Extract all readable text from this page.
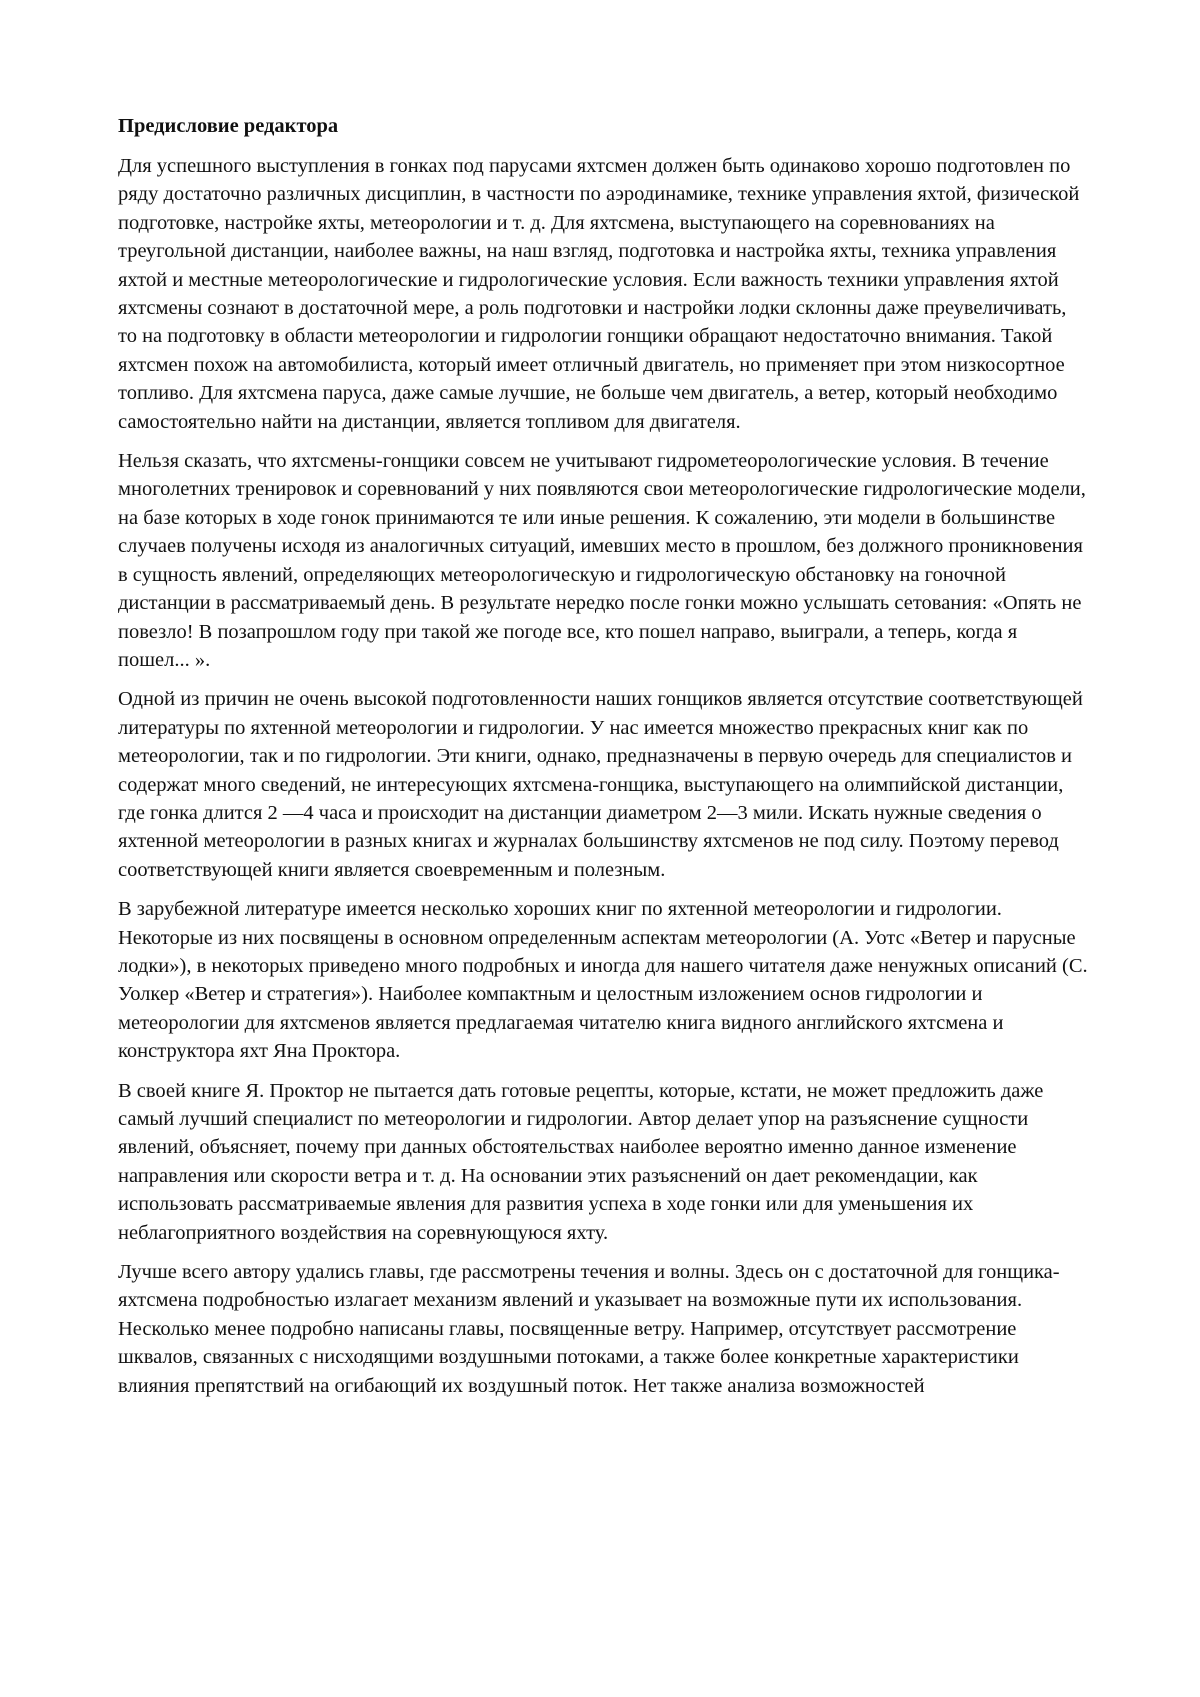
Предисловие редактора

Для успешного выступления в гонках под парусами яхтсмен должен быть одинаково хорошо подготовлен по ряду достаточно различных дисциплин, в частности по аэродинамике, технике управления яхтой, физической подготовке, настройке яхты, метеорологии и т. д. Для яхтсмена, выступающего на соревнованиях на треугольной дистанции, наиболее важны, на наш взгляд, подготовка и настройка яхты, техника управления яхтой и местные метеорологические и гидрологические условия. Если важность техники управления яхтой яхтсмены сознают в достаточной мере, а роль подготовки и настройки лодки склонны даже преувеличивать, то на подготовку в области метеорологии и гидрологии гонщики обращают недостаточно внимания. Такой яхтсмен похож на автомобилиста, который имеет отличный двигатель, но применяет при этом низкосортное топливо. Для яхтсмена паруса, даже самые лучшие, не больше чем двигатель, а ветер, который необходимо самостоятельно найти на дистанции, является топливом для двигателя.

Нельзя сказать, что яхтсмены-гонщики совсем не учитывают гидрометеорологические условия. В течение многолетних тренировок и соревнований у них появляются свои метеорологические гидрологические модели, на базе которых в ходе гонок принимаются те или иные решения. К сожалению, эти модели в большинстве случаев получены исходя из аналогичных ситуаций, имевших место в прошлом, без должного проникновения в сущность явлений, определяющих метеорологическую и гидрологическую обстановку на гоночной дистанции в рассматриваемый день. В результате нередко после гонки можно услышать сетования: «Опять не повезло! В позапрошлом году при такой же погоде все, кто пошел направо, выиграли, а теперь, когда я пошел... ».

Одной из причин не очень высокой подготовленности наших гонщиков является отсутствие соответствующей литературы по яхтенной метеорологии и гидрологии. У нас имеется множество прекрасных книг как по метеорологии, так и по гидрологии. Эти книги, однако, предназначены в первую очередь для специалистов и содержат много сведений, не интересующих яхтсмена-гонщика, выступающего на олимпийской дистанции, где гонка длится 2 —4 часа и происходит на дистанции диаметром 2—3 мили. Искать нужные сведения о яхтенной метеорологии в разных книгах и журналах большинству яхтсменов не под силу. Поэтому перевод соответствующей книги является своевременным и полезным.

В зарубежной литературе имеется несколько хороших книг по яхтенной метеорологии и гидрологии. Некоторые из них посвящены в основном определенным аспектам метеорологии (А. Уотс «Ветер и парусные лодки»), в некоторых приведено много подробных и иногда для нашего читателя даже ненужных описаний (С. Уолкер «Ветер и стратегия»). Наиболее компактным и целостным изложением основ гидрологии и метеорологии для яхтсменов является предлагаемая читателю книга видного английского яхтсмена и конструктора яхт Яна Проктора.

В своей книге Я. Проктор не пытается дать готовые рецепты, которые, кстати, не может предложить даже самый лучший специалист по метеорологии и гидрологии. Автор делает упор на разъяснение сущности явлений, объясняет, почему при данных обстоятельствах наиболее вероятно именно данное изменение направления или скорости ветра и т. д. На основании этих разъяснений он дает рекомендации, как использовать рассматриваемые явления для развития успеха в ходе гонки или для уменьшения их неблагоприятного воздействия на соревнующуюся яхту.

Лучше всего автору удались главы, где рассмотрены течения и волны. Здесь он с достаточной для гонщика-яхтсмена подробностью излагает механизм явлений и указывает на возможные пути их использования. Несколько менее подробно написаны главы, посвященные ветру. Например, отсутствует рассмотрение шквалов, связанных с нисходящими воздушными потоками, а также более конкретные характеристики влияния препятствий на огибающий их воздушный поток. Нет также анализа возможностей
